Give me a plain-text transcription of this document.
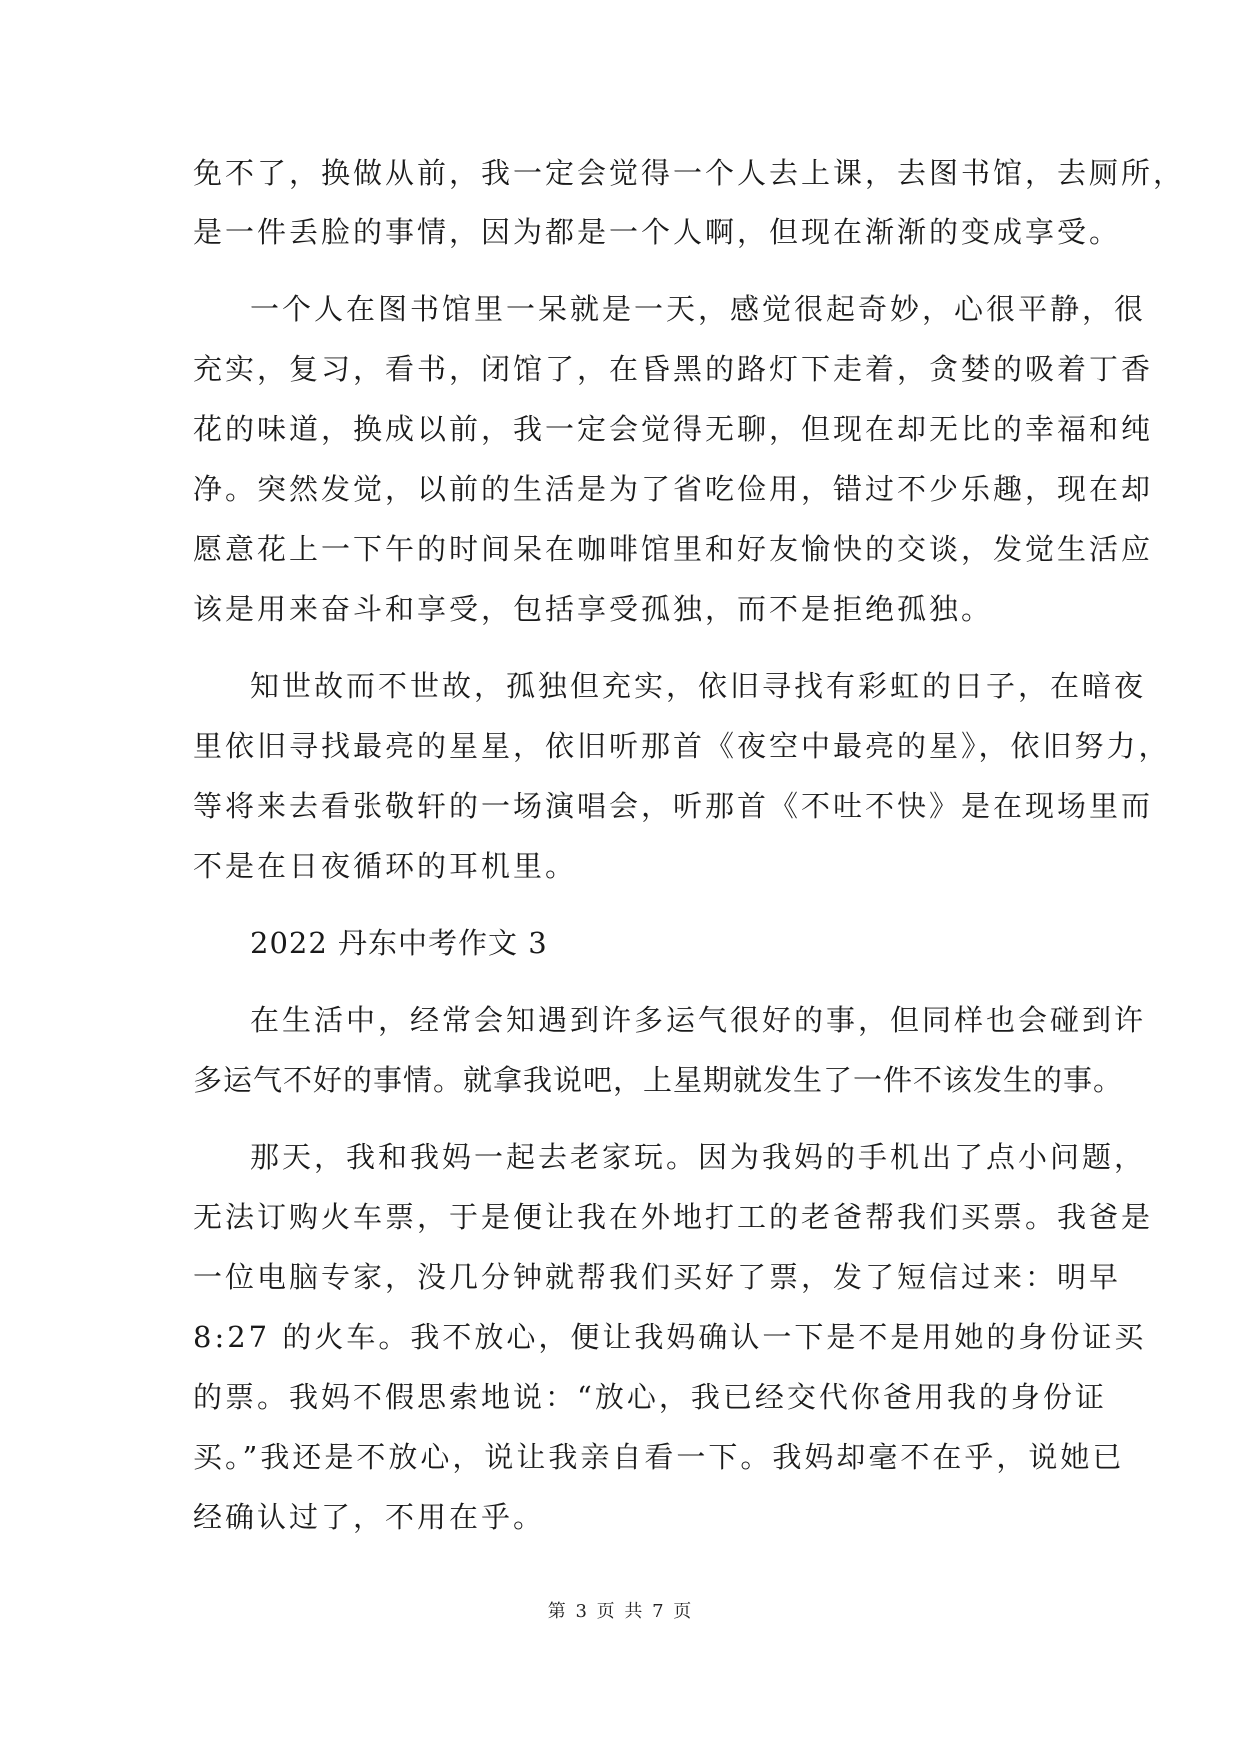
免不了，换做从前，我一定会觉得一个人去上课，去图书馆，去厕所，
是一件丢脸的事情，因为都是一个人啊，但现在渐渐的变成享受。
一个人在图书馆里一呆就是一天，感觉很起奇妙，心很平静，很
充实，复习，看书，闭馆了，在昏黑的路灯下走着，贪婪的吸着丁香
花的味道，换成以前，我一定会觉得无聊，但现在却无比的幸福和纯
净。突然发觉，以前的生活是为了省吃俭用，错过不少乐趣，现在却
愿意花上一下午的时间呆在咖啡馆里和好友愉快的交谈，发觉生活应
该是用来奋斗和享受，包括享受孤独，而不是拒绝孤独。
知世故而不世故，孤独但充实，依旧寻找有彩虹的日子，在暗夜
里依旧寻找最亮的星星，依旧听那首《夜空中最亮的星》，依旧努力，
等将来去看张敬轩的一场演唱会，听那首《不吐不快》是在现场里而
不是在日夜循环的耳机里。
2022 丹东中考作文 3
在生活中，经常会知遇到许多运气很好的事，但同样也会碰到许
多运气不好的事情。就拿我说吧，上星期就发生了一件不该发生的事。
那天，我和我妈一起去老家玩。因为我妈的手机出了点小问题，
无法订购火车票，于是便让我在外地打工的老爸帮我们买票。我爸是
一位电脑专家，没几分钟就帮我们买好了票，发了短信过来：明早
8:27 的火车。我不放心，便让我妈确认一下是不是用她的身份证买
的票。我妈不假思索地说：“放心，我已经交代你爸用我的身份证
买。”我还是不放心，说让我亲自看一下。我妈却毫不在乎，说她已
经确认过了，不用在乎。
第 3 页 共 7 页
